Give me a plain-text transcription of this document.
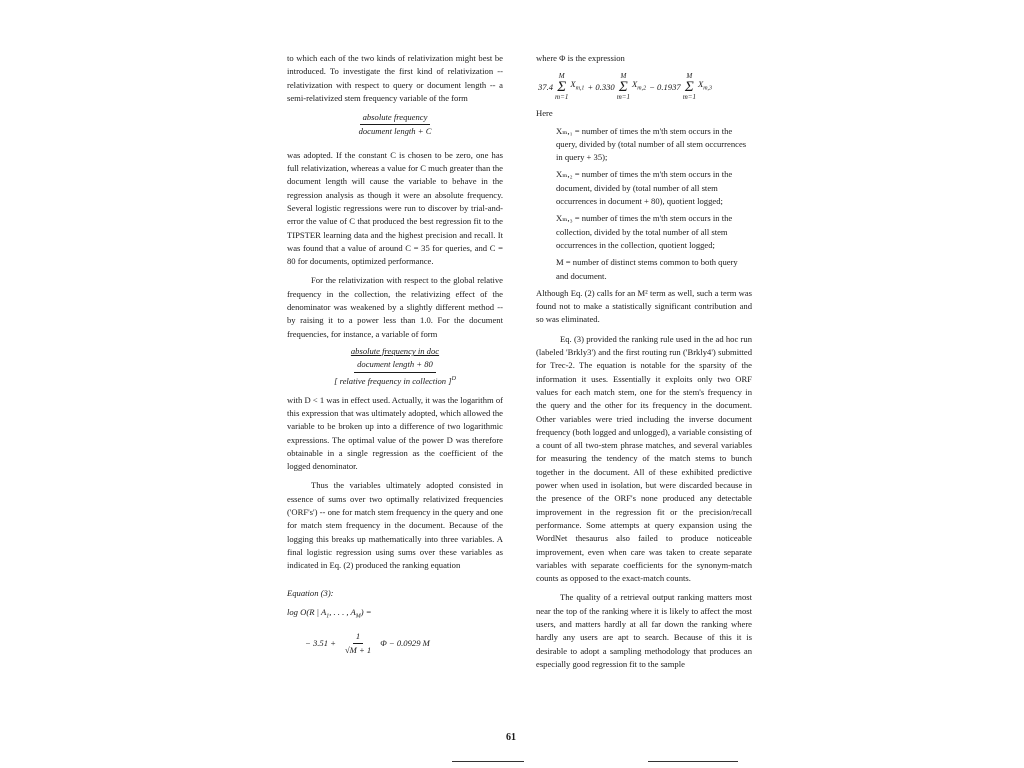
to which each of the two kinds of relativization might best be introduced. To investigate the first kind of relativization -- relativization with respect to query or document length -- a semi-relativized stem frequency variable of the form

absolute frequency
document length + C

was adopted. If the constant C is chosen to be zero, one has full relativization, whereas a value for C much greater than the document length will cause the variable to behave in the regression analysis as though it were an absolute frequency. Several logistic regressions were run to discover by trial-and-error the value of C that produced the best regression fit to the TIPSTER learning data and the highest precision and recall. It was found that a value of around C = 35 for queries, and C = 80 for documents, optimized performance.

For the relativization with respect to the global relative frequency in the collection, the relativizing effect of the denominator was weakened by a slightly different method -- by raising it to a power less than 1.0. For the document frequencies, for instance, a variable of form

absolute frequency in doc
document length + 80
[ relative frequency in collection ]$^D$

with D < 1 was in effect used. Actually, it was the logarithm of this expression that was ultimately adopted, which allowed the variable to be broken up into a difference of two logarithmic expressions. The optimal value of the power D was therefore obtainable in a single regression as the coefficient of the logged denominator.

Thus the variables ultimately adopted consisted in essence of sums over two optimally relativized frequencies ('ORF's') -- one for match stem frequency in the query and one for match stem frequency in the document. Because of the logging this breaks up mathematically into three variables. A final logistic regression using sums over these variables as indicated in Eq. (2) produced the ranking equation

Equation (3):
log O(R | $A_1$, . . . , $A_M$) =
− $3.51 + \frac{1}{√M + 1}$ Φ − 0.0929 M

where Φ is the expression

37.4
M
Σ
m=1
$X_{m,1} + 0.330$
M
Σ
m=1
$X_{m,2} - 0.1937$
M
Σ
m=1
$X_{m,3}$

Here

Xₘ,₁ = number of times the m'th stem occurs in the query, divided by (total number of all stem occurrences in query + 35);
Xₘ,₂ = number of times the m'th stem occurs in the document, divided by (total number of all stem occurrences in document + 80), quotient logged;
Xₘ,₃ = number of times the m'th stem occurs in the collection, divided by the total number of all stem occurrences in the collection, quotient logged;
M = number of distinct stems common to both query and document.

Although Eq. (2) calls for an M² term as well, such a term was found not to make a statistically significant contribution and so was eliminated.

Eq. (3) provided the ranking rule used in the ad hoc run (labeled 'Brkly3') and the first routing run ('Brkly4') submitted for Trec-2. The equation is notable for the sparsity of the information it uses. Essentially it exploits only two ORF values for each match stem, one for the stem's frequency in the query and the other for its frequency in the document. Other variables were tried including the inverse document frequency (both logged and unlogged), a variable consisting of a count of all two-stem phrase matches, and several variables for measuring the tendency of the match stems to bunch together in the document. All of these exhibited predictive power when used in isolation, but were discarded because in the presence of the ORF's none produced any detectable improvement in the regression fit or the precision/recall performance. Some attempts at query expansion using the WordNet thesaurus also failed to produce noticeable improvement, even when care was taken to create separate variables with separate coefficients for the synonym-match counts as opposed to the exact-match counts.

The quality of a retrieval output ranking matters most near the top of the ranking where it is likely to affect the most users, and matters hardly at all far down the ranking where hardly any users are apt to search. Because of this it is desirable to adopt a sampling methodology that produces an especially good regression fit to the sample

61
